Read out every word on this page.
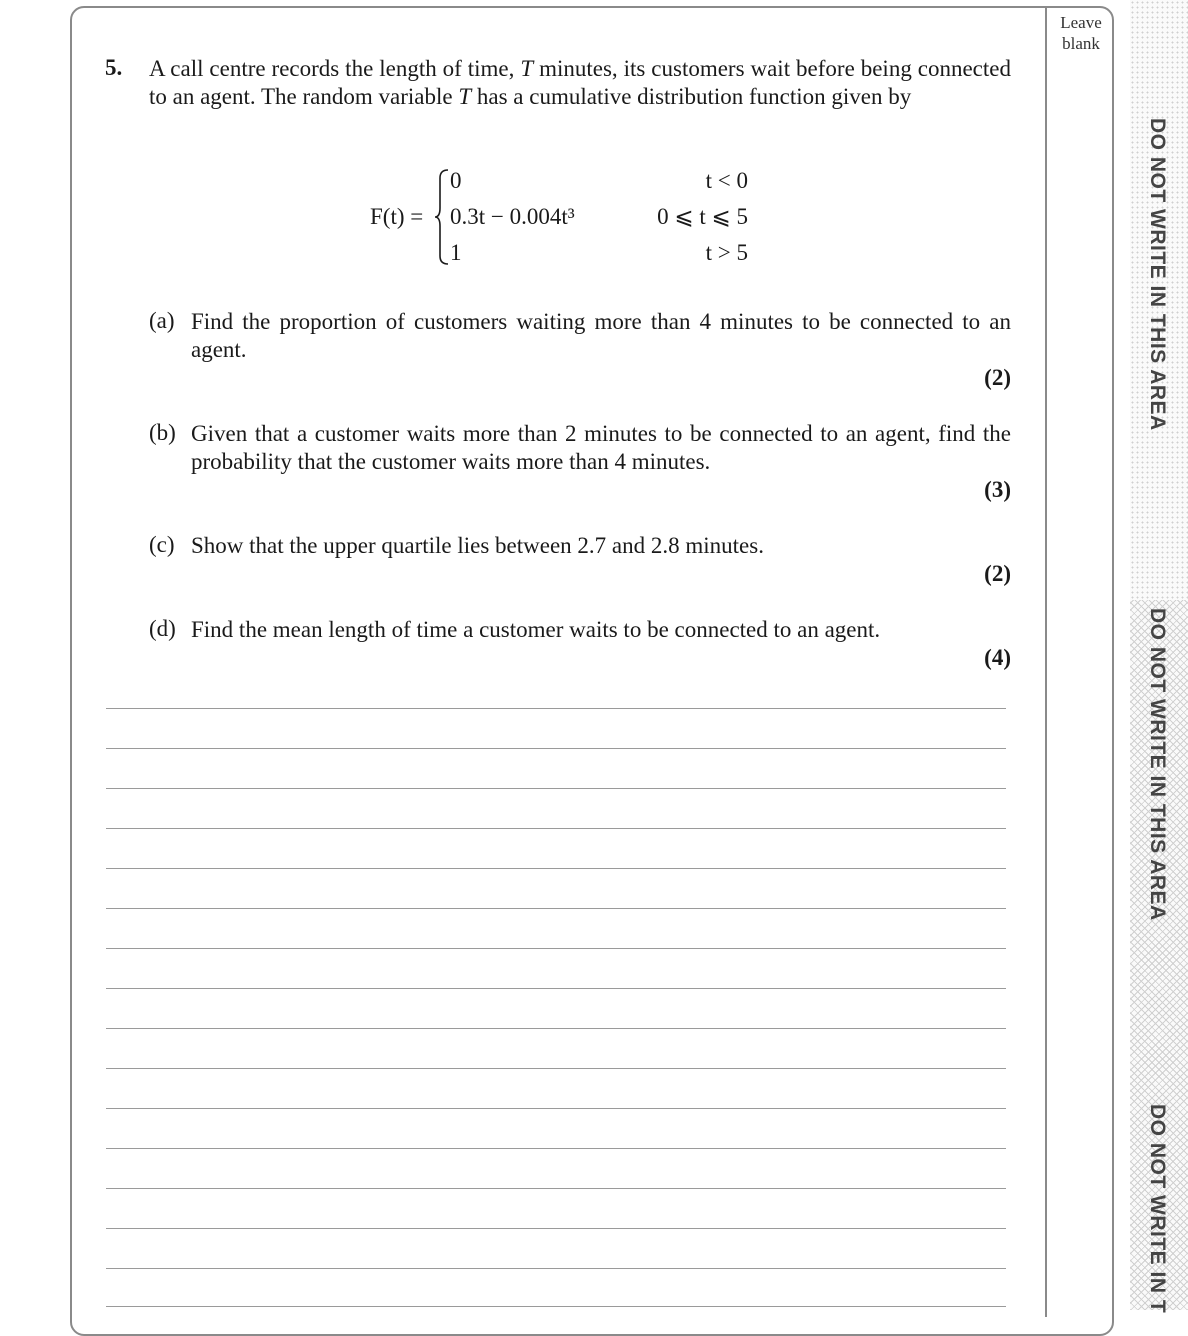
Leave
blank
DO NOT WRITE IN THIS AREA
DO NOT WRITE IN THIS AREA
DO NOT WRITE IN T
5. A call centre records the length of time, T minutes, its customers wait before being connected to an agent. The random variable T has a cumulative distribution function given by

F(t) =
0
0.3t − 0.004t³
1
t < 0
0 ⩽ t ⩽ 5
t > 5
(a) Find the proportion of customers waiting more than 4 minutes to be connected to an agent.

(2)
(b) Given that a customer waits more than 2 minutes to be connected to an agent, find the probability that the customer waits more than 4 minutes.

(3)
(c) Show that the upper quartile lies between 2.7 and 2.8 minutes.

(2)
(d) Find the mean length of time a customer waits to be connected to an agent.

(4)
